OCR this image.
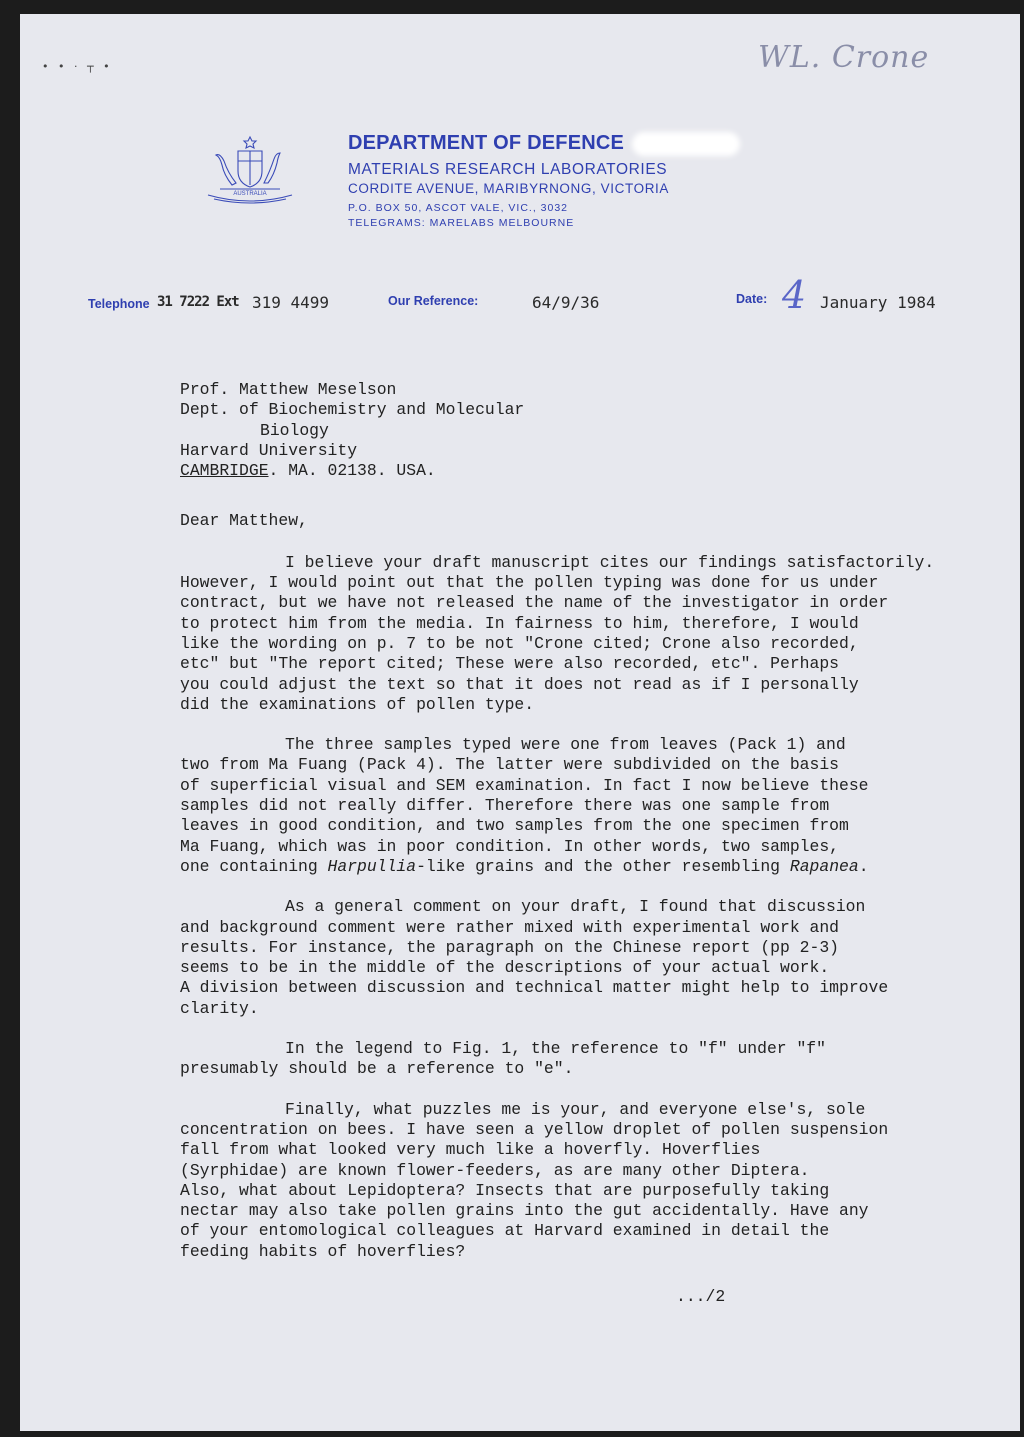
• • · ┬ •	WL. Crone
AUSTRALIA

DEPARTMENT OF DEFENCE

MATERIALS RESEARCH LABORATORIES

CORDITE AVENUE, MARIBYRNONG, VICTORIA

P.O. BOX 50, ASCOT VALE, VIC., 3032

TELEGRAMS: MARELABS MELBOURNE

Telephone 31 7222 Ext 319 4499	Our Reference:	64/9/36	Date:	January 1984
4

Prof. Matthew Meselson

Dept. of Biochemistry and Molecular

Biology

Harvard University

CAMBRIDGE. MA. 02138. USA.

Dear Matthew,

I believe your draft manuscript cites our findings satisfactorily.
However, I would point out that the pollen typing was done for us under
contract, but we have not released the name of the investigator in order
to protect him from the media. In fairness to him, therefore, I would
like the wording on p. 7 to be not "Crone cited; Crone also recorded,
etc" but "The report cited; These were also recorded, etc". Perhaps
you could adjust the text so that it does not read as if I personally
did the examinations of pollen type.

The three samples typed were one from leaves (Pack 1) and
two from Ma Fuang (Pack 4). The latter were subdivided on the basis
of superficial visual and SEM examination. In fact I now believe these
samples did not really differ. Therefore there was one sample from
leaves in good condition, and two samples from the one specimen from
Ma Fuang, which was in poor condition. In other words, two samples,
one containing Harpullia-like grains and the other resembling Rapanea.

As a general comment on your draft, I found that discussion
and background comment were rather mixed with experimental work and
results. For instance, the paragraph on the Chinese report (pp 2-3)
seems to be in the middle of the descriptions of your actual work.
A division between discussion and technical matter might help to improve
clarity.

In the legend to Fig. 1, the reference to "f" under "f"
presumably should be a reference to "e".

Finally, what puzzles me is your, and everyone else's, sole
concentration on bees. I have seen a yellow droplet of pollen suspension
fall from what looked very much like a hoverfly. Hoverflies
(Syrphidae) are known flower-feeders, as are many other Diptera.
Also, what about Lepidoptera? Insects that are purposefully taking
nectar may also take pollen grains into the gut accidentally. Have any
of your entomological colleagues at Harvard examined in detail the
feeding habits of hoverflies?

.../2
